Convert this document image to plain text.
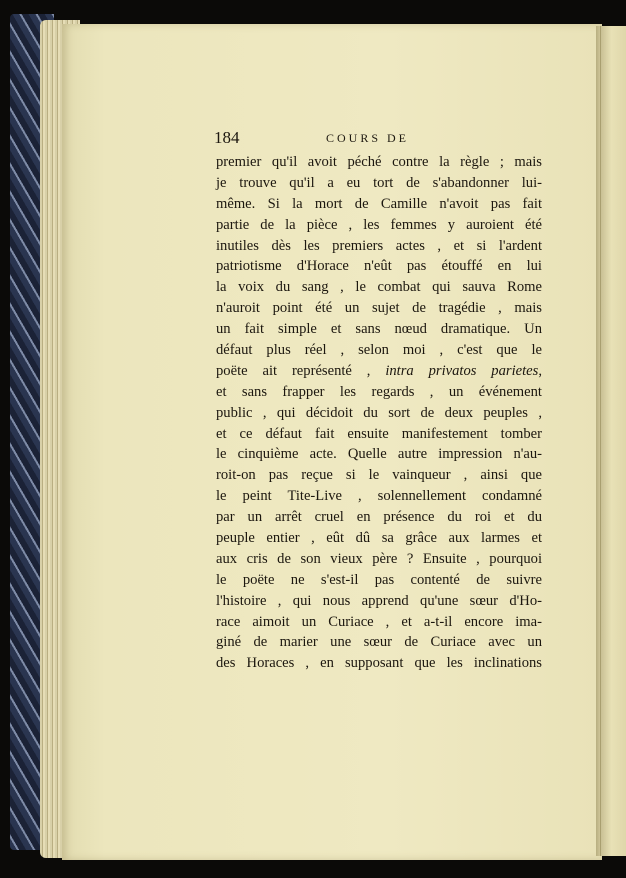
184	COURS DE
premier qu'il avoit péché contre la règle ; mais
je trouve qu'il a eu tort de s'abandonner lui-
même. Si la mort de Camille n'avoit pas fait
partie de la pièce , les femmes y auroient été
inutiles dès les premiers actes , et si l'ardent
patriotisme d'Horace n'eût pas étouffé en lui
la voix du sang , le combat qui sauva Rome
n'auroit point été un sujet de tragédie , mais
un fait simple et sans nœud dramatique. Un
défaut plus réel , selon moi , c'est que le
poëte ait représenté , intra privatos parietes,
et sans frapper les regards , un événement
public , qui décidoit du sort de deux peuples ,
et ce défaut fait ensuite manifestement tomber
le cinquième acte. Quelle autre impression n'au-
roit-on pas reçue si le vainqueur , ainsi que
le peint Tite-Live , solennellement condamné
par un arrêt cruel en présence du roi et du
peuple entier , eût dû sa grâce aux larmes et
aux cris de son vieux père ? Ensuite , pourquoi
le poëte ne s'est-il pas contenté de suivre
l'histoire , qui nous apprend qu'une sœur d'Ho-
race aimoit un Curiace , et a-t-il encore ima-
giné de marier une sœur de Curiace avec un
des Horaces , en supposant que les inclinations
